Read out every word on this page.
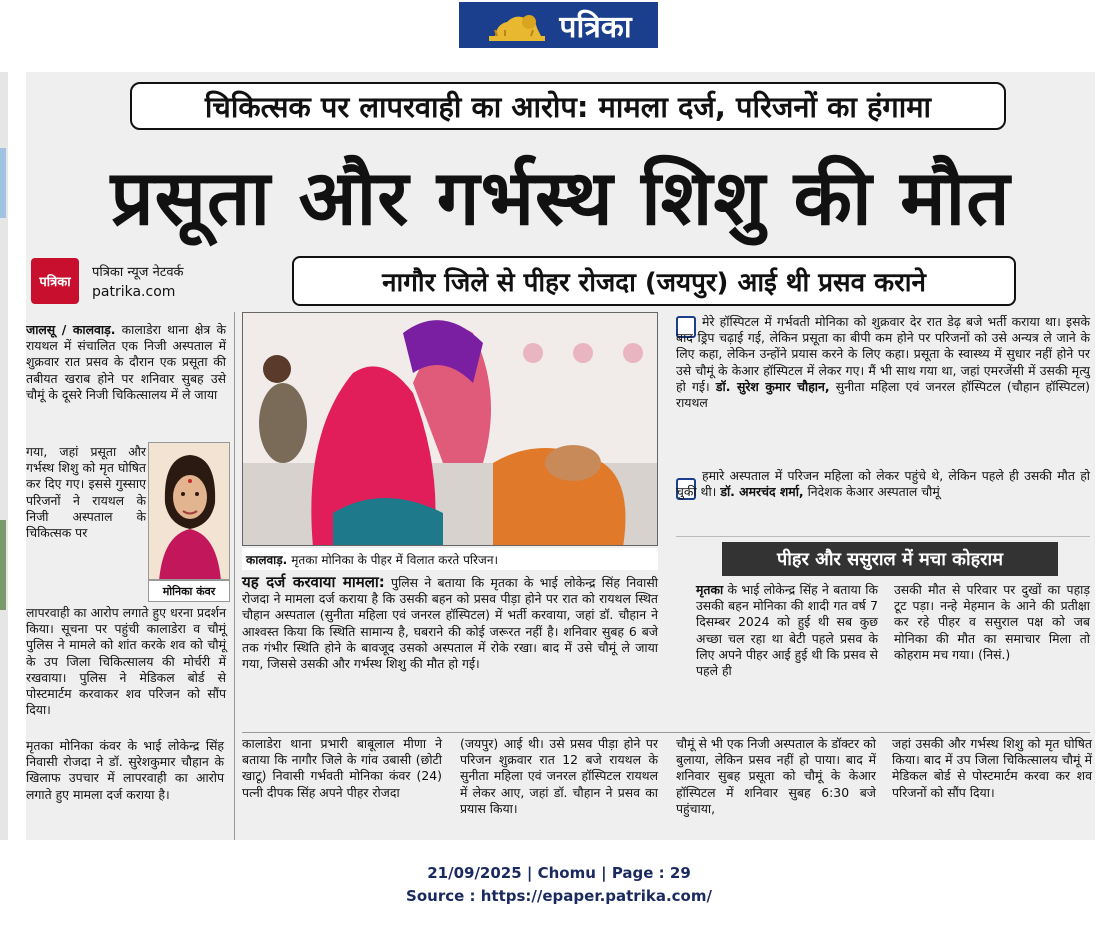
पत्रिका
चिकित्सक पर लापरवाही का आरोप: मामला दर्ज, परिजनों का हंगामा
प्रसूता और गर्भस्थ शिशु की मौत
पत्रिका
पत्रिका न्यूज नेटवर्क
patrika.com	नागौर जिले से पीहर रोजदा (जयपुर) आई थी प्रसव कराने
जालसू / कालवाड़. कालाडेरा थाना क्षेत्र के रायथल में संचालित एक निजी अस्पताल में शुक्रवार रात प्रसव के दौरान एक प्रसूता की तबीयत खराब होने पर शनिवार सुबह उसे चौमूं के दूसरे निजी चिकित्सालय में ले जाया
गया, जहां प्रसूता और गर्भस्थ शिशु को मृत घोषित कर दिए गए। इससे गुस्साए परिजनों ने रायथल के निजी अस्पताल के चिकित्सक पर
मोनिका कंवर
लापरवाही का आरोप लगाते हुए धरना प्रदर्शन किया। सूचना पर पहुंची कालाडेरा व चौमूं पुलिस ने मामले को शांत करके शव को चौमूं के उप जिला चिकित्सालय की मोर्चरी में रखवाया। पुलिस ने मेडिकल बोर्ड से पोस्टमार्टम करवाकर शव परिजन को सौंप दिया।
मृतका मोनिका कंवर के भाई लोकेन्द्र सिंह निवासी रोजदा ने डॉ. सुरेशकुमार चौहान के खिलाफ उपचार में लापरवाही का आरोप लगाते हुए मामला दर्ज कराया है।
कालवाड़. मृतका मोनिका के पीहर में विलात करते परिजन।
यह दर्ज करवाया मामला: पुलिस ने बताया कि मृतका के भाई लोकेन्द्र सिंह निवासी रोजदा ने मामला दर्ज कराया है कि उसकी बहन को प्रसव पीड़ा होने पर रात को रायथल स्थित चौहान अस्पताल (सुनीता महिला एवं जनरल हॉस्पिटल) में भर्ती करवाया, जहां डॉ. चौहान ने आश्वस्त किया कि स्थिति सामान्य है, घबराने की कोई जरूरत नहीं है। शनिवार सुबह 6 बजे तक गंभीर स्थिति होने के बावजूद उसको अस्पताल में रोके रखा। बाद में उसे चौमूं ले जाया गया, जिससे उसकी और गर्भस्थ शिशु की मौत हो गई।
मेरे हॉस्पिटल में गर्भवती मोनिका को शुक्रवार देर रात डेढ़ बजे भर्ती कराया था। इसके बाद ड्रिप चढ़ाई गई, लेकिन प्रसूता का बीपी कम होने पर परिजनों को उसे अन्यत्र ले जाने के लिए कहा, लेकिन उन्होंने प्रयास करने के लिए कहा। प्रसूता के स्वास्थ्य में सुधार नहीं होने पर उसे चौमूं के केआर हॉस्पिटल में लेकर गए। मैं भी साथ गया था, जहां एमरजेंसी में उसकी मृत्यु हो गई। डॉ. सुरेश कुमार चौहान, सुनीता महिला एवं जनरल हॉस्पिटल (चौहान हॉस्पिटल) रायथल
हमारे अस्पताल में परिजन महिला को लेकर पहुंचे थे, लेकिन पहले ही उसकी मौत हो चुकी थी। डॉ. अमरचंद शर्मा, निदेशक केआर अस्पताल चौमूं
पीहर और ससुराल में मचा कोहराम
मृतका के भाई लोकेन्द्र सिंह ने बताया कि उसकी बहन मोनिका की शादी गत वर्ष 7 दिसम्बर 2024 को हुई थी सब कुछ अच्छा चल रहा था बेटी पहले प्रसव के लिए अपने पीहर आई हुई थी कि प्रसव से पहले ही
उसकी मौत से परिवार पर दुखों का पहाड़ टूट पड़ा। नन्हे मेहमान के आने की प्रतीक्षा कर रहे पीहर व ससुराल पक्ष को जब मोनिका की मौत का समाचार मिला तो कोहराम मच गया। (निसं.)
कालाडेरा थाना प्रभारी बाबूलाल मीणा ने बताया कि नागौर जिले के गांव उबासी (छोटी खाटू) निवासी गर्भवती मोनिका कंवर (24) पत्नी दीपक सिंह अपने पीहर रोजदा
(जयपुर) आई थी। उसे प्रसव पीड़ा होने पर परिजन शुक्रवार रात 12 बजे रायथल के सुनीता महिला एवं जनरल हॉस्पिटल रायथल में लेकर आए, जहां डॉ. चौहान ने प्रसव का प्रयास किया।
चौमूं से भी एक निजी अस्पताल के डॉक्टर को बुलाया, लेकिन प्रसव नहीं हो पाया। बाद में शनिवार सुबह प्रसूता को चौमूं के केआर हॉस्पिटल में शनिवार सुबह 6:30 बजे पहुंचाया,
जहां उसकी और गर्भस्थ शिशु को मृत घोषित किया। बाद में उप जिला चिकित्सालय चौमूं में मेडिकल बोर्ड से पोस्टमार्टम करवा कर शव परिजनों को सौंप दिया।
21/09/2025 | Chomu | Page : 29
Source : https://epaper.patrika.com/
